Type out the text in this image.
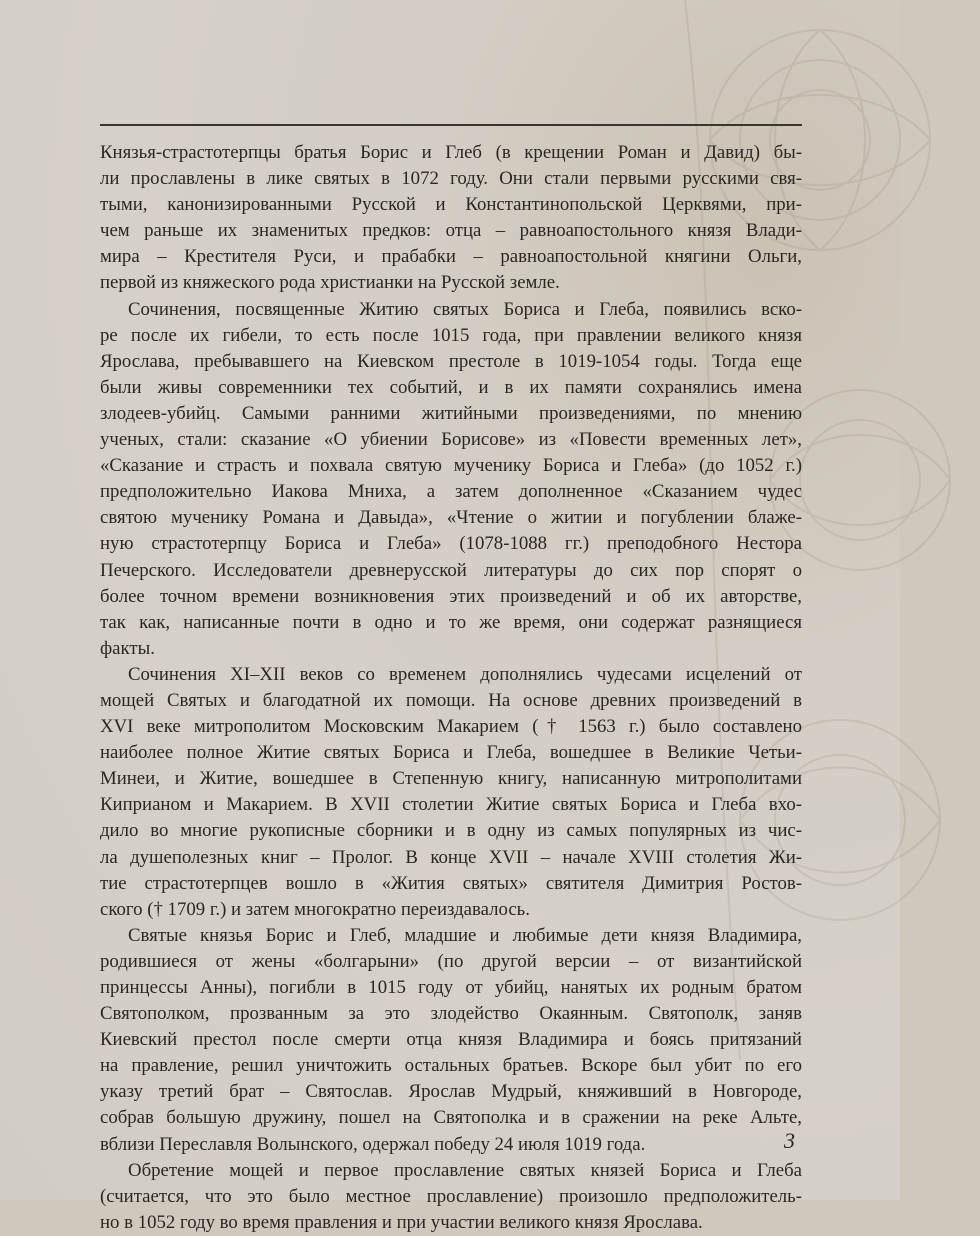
Князья-страстотерпцы братья Борис и Глеб (в крещении Роман и Давид) бы-
ли прославлены в лике святых в 1072 году. Они стали первыми русскими свя-
тыми, канонизированными Русской и Константинопольской Церквями, при-
чем раньше их знаменитых предков: отца – равноапостольного князя Влади-
мира – Крестителя Руси, и прабабки – равноапостольной княгини Ольги,
первой из княжеского рода христианки на Русской земле.
Сочинения, посвященные Житию святых Бориса и Глеба, появились вско-
ре после их гибели, то есть после 1015 года, при правлении великого князя
Ярослава, пребывавшего на Киевском престоле в 1019-1054 годы. Тогда еще
были живы современники тех событий, и в их памяти сохранялись имена
злодеев-убийц. Самыми ранними житийными произведениями, по мнению
ученых, стали: сказание «О убиении Борисове» из «Повести временных лет»,
«Сказание и страсть и похвала святую мученику Бориса и Глеба» (до 1052 г.)
предположительно Иакова Мниха, а затем дополненное «Сказанием чудес
святою мученику Романа и Давыда», «Чтение о житии и погублении блаже-
ную страстотерпцу Бориса и Глеба» (1078-1088 гг.) преподобного Нестора
Печерского. Исследователи древнерусской литературы до сих пор спорят о
более точном времени возникновения этих произведений и об их авторстве,
так как, написанные почти в одно и то же время, они содержат разнящиеся
факты.
Сочинения XI–XII веков со временем дополнялись чудесами исцелений от
мощей Святых и благодатной их помощи. На основе древних произведений в
XVI веке митрополитом Московским Макарием († 1563 г.) было составлено
наиболее полное Житие святых Бориса и Глеба, вошедшее в Великие Четьи-
Минеи, и Житие, вошедшее в Степенную книгу, написанную митрополитами
Киприаном и Макарием. В XVII столетии Житие святых Бориса и Глеба вхо-
дило во многие рукописные сборники и в одну из самых популярных из чис-
ла душеполезных книг – Пролог. В конце XVII – начале XVIII столетия Жи-
тие страстотерпцев вошло в «Жития святых» святителя Димитрия Ростов-
ского († 1709 г.) и затем многократно переиздавалось.
Святые князья Борис и Глеб, младшие и любимые дети князя Владимира,
родившиеся от жены «болгарыни» (по другой версии – от византийской
принцессы Анны), погибли в 1015 году от убийц, нанятых их родным братом
Святополком, прозванным за это злодейство Окаянным. Святополк, заняв
Киевский престол после смерти отца князя Владимира и боясь притязаний
на правление, решил уничтожить остальных братьев. Вскоре был убит по его
указу третий брат – Святослав. Ярослав Мудрый, княживший в Новгороде,
собрав большую дружину, пошел на Святополка и в сражении на реке Альте,
вблизи Переславля Волынского, одержал победу 24 июля 1019 года.
Обретение мощей и первое прославление святых князей Бориса и Глеба
(считается, что это было местное прославление) произошло предположитель-
но в 1052 году во время правления и при участии великого князя Ярослава.
3
